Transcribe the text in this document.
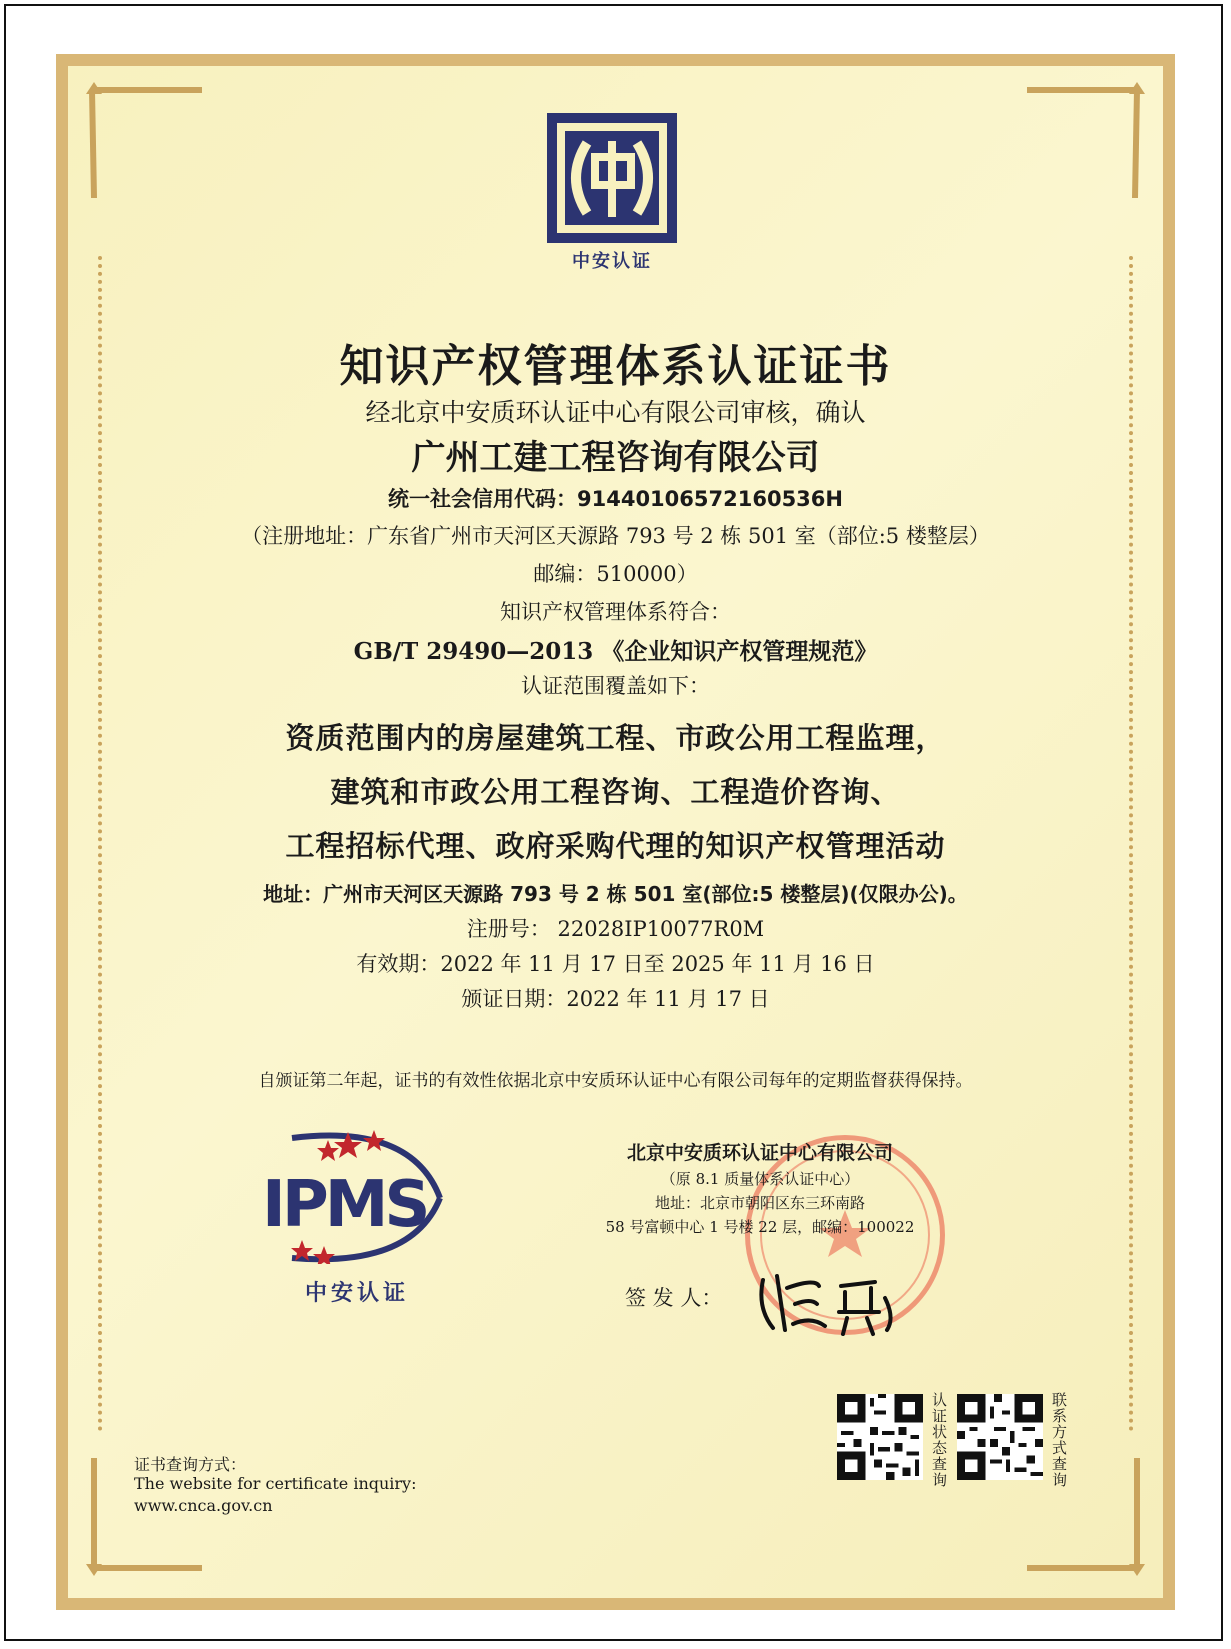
中安认证
知识产权管理体系认证证书
经北京中安质环认证中心有限公司审核，确认
广州工建工程咨询有限公司
统一社会信用代码：91440106572160536H
（注册地址：广东省广州市天河区天源路 793 号 2 栋 501 室（部位:5 楼整层）
邮编：510000）
知识产权管理体系符合：
GB/T 29490—2013 《企业知识产权管理规范》
认证范围覆盖如下：
资质范围内的房屋建筑工程、市政公用工程监理，
建筑和市政公用工程咨询、工程造价咨询、
工程招标代理、政府采购代理的知识产权管理活动
地址：广州市天河区天源路 793 号 2 栋 501 室(部位:5 楼整层)(仅限办公)。
注册号： 22028IP10077R0M
有效期：2022 年 11 月 17 日至 2025 年 11 月 16 日
颁证日期：2022 年 11 月 17 日
自颁证第二年起，证书的有效性依据北京中安质环认证中心有限公司每年的定期监督获得保持。
IPMS
中安认证
北京中安质环认证中心有限公司
（原 8.1 质量体系认证中心）
地址：北京市朝阳区东三环南路
58 号富顿中心 1 号楼 22 层，邮编：100022
签 发 人：
认证状态查询	联系方式查询
证书查询方式：
The website for certificate inquiry:
www.cnca.gov.cn
